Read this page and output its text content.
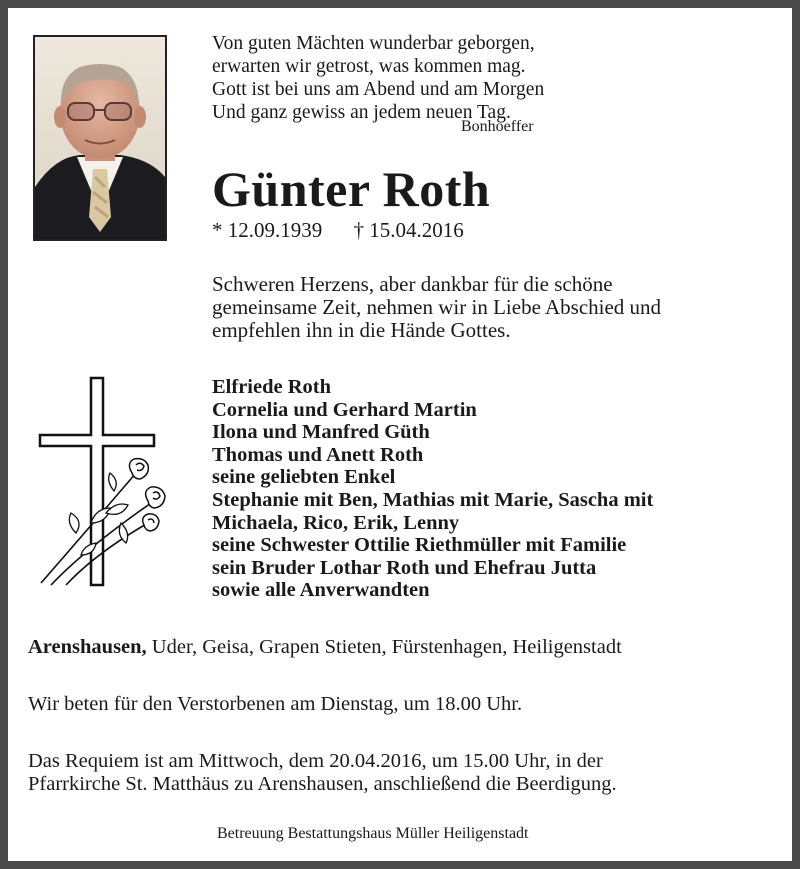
Von guten Mächten wunderbar geborgen,
erwarten wir getrost, was kommen mag.
Gott ist bei uns am Abend und am Morgen
Und ganz gewiss an jedem neuen Tag.
Bonhoeffer
Günter Roth
* 12.09.1939 † 15.04.2016
Schweren Herzens, aber dankbar für die schöne
gemeinsame Zeit, nehmen wir in Liebe Abschied und
empfehlen ihn in die Hände Gottes.
Elfriede Roth
Cornelia und Gerhard Martin
Ilona und Manfred Güth
Thomas und Anett Roth
seine geliebten Enkel
Stephanie mit Ben, Mathias mit Marie, Sascha mit
Michaela, Rico, Erik, Lenny
seine Schwester Ottilie Riethmüller mit Familie
sein Bruder Lothar Roth und Ehefrau Jutta
sowie alle Anverwandten
Arenshausen, Uder, Geisa, Grapen Stieten, Fürstenhagen, Heiligenstadt
Wir beten für den Verstorbenen am Dienstag, um 18.00 Uhr.
Das Requiem ist am Mittwoch, dem 20.04.2016, um 15.00 Uhr, in der
Pfarrkirche St. Matthäus zu Arenshausen, anschließend die Beerdigung.
Betreuung Bestattungshaus Müller Heiligenstadt
